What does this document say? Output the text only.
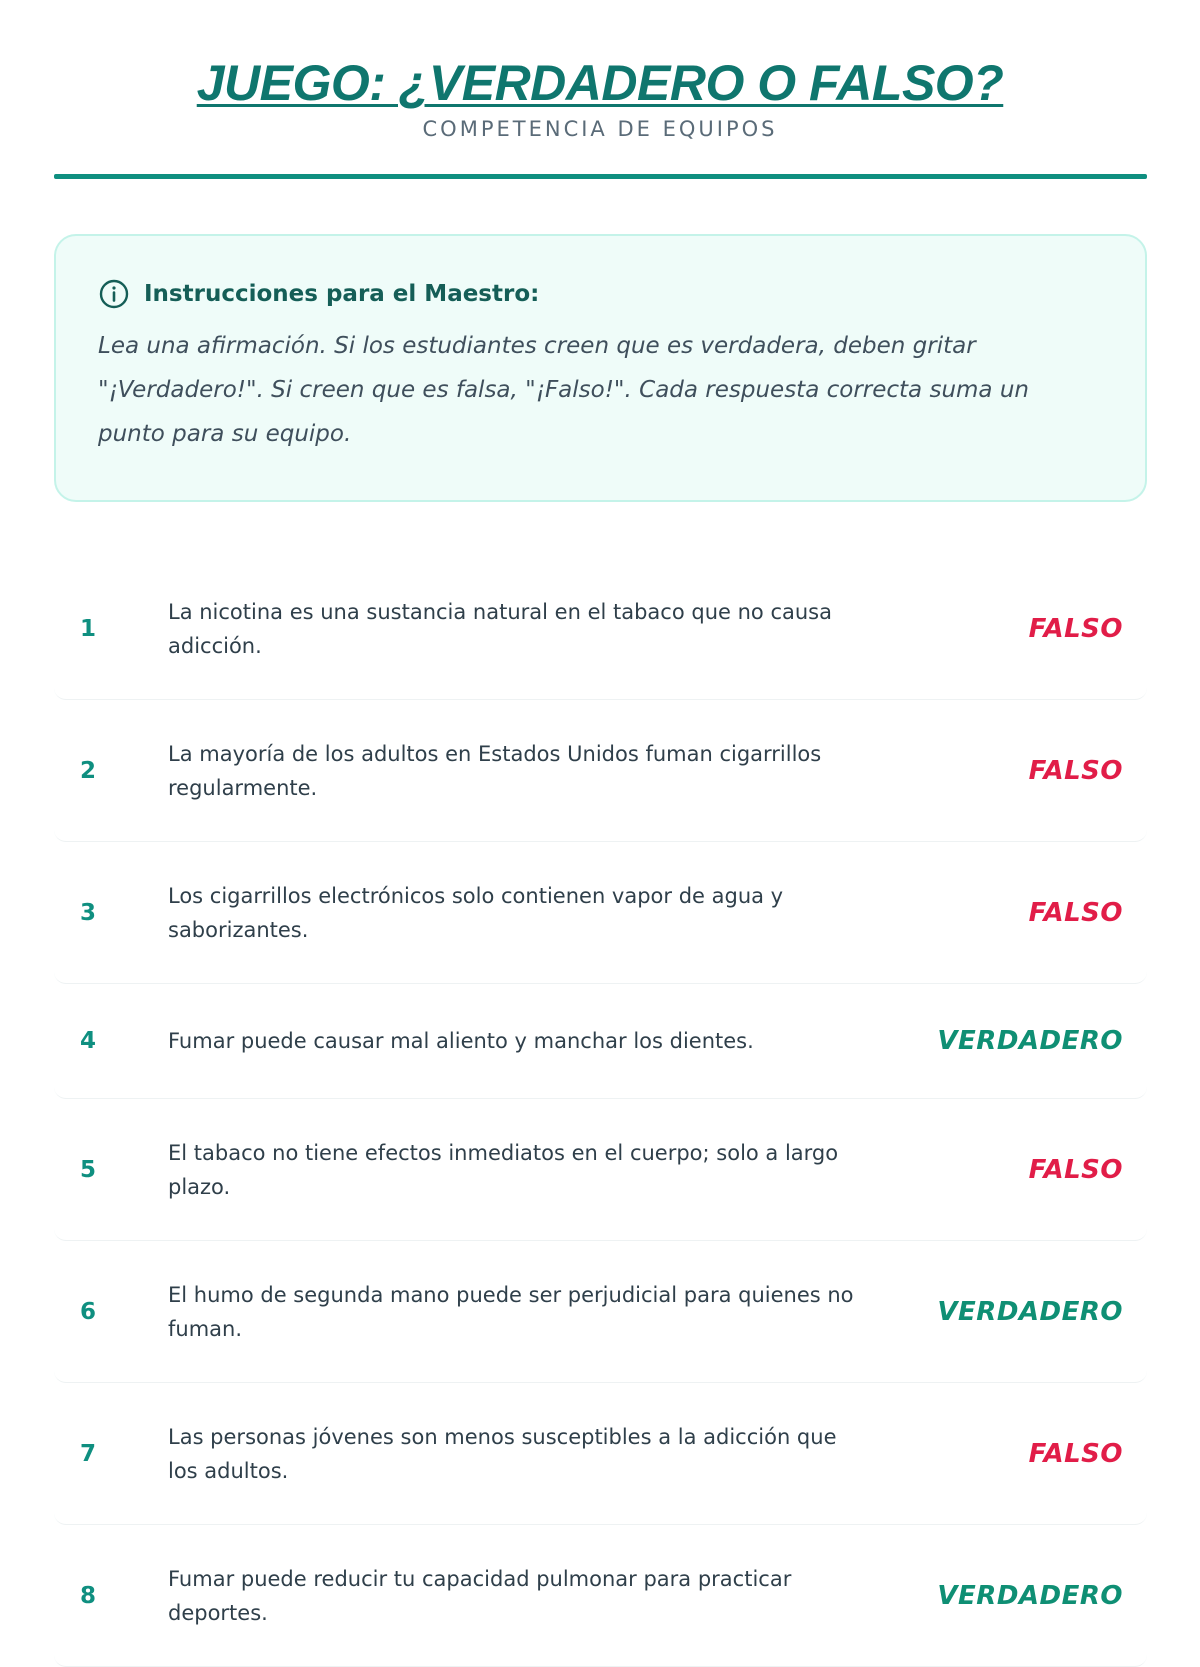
JUEGO: ¿VERDADERO O FALSO?
COMPETENCIA DE EQUIPOS
Instrucciones para el Maestro:
Lea una afirmación. Si los estudiantes creen que es verdadera, deben gritar "¡Verdadero!". Si creen que es falsa, "¡Falso!". Cada respuesta correcta suma un punto para su equipo.
1
La nicotina es una sustancia natural en el tabaco que no causa adicción.
FALSO
2
La mayoría de los adultos en Estados Unidos fuman cigarrillos regularmente.
FALSO
3
Los cigarrillos electrónicos solo contienen vapor de agua y saborizantes.
FALSO
4	Fumar puede causar mal aliento y manchar los dientes.	VERDADERO
5
El tabaco no tiene efectos inmediatos en el cuerpo; solo a largo plazo.
FALSO
6
El humo de segunda mano puede ser perjudicial para quienes no fuman.
VERDADERO
7
Las personas jóvenes son menos susceptibles a la adicción que los adultos.
FALSO
8
Fumar puede reducir tu capacidad pulmonar para practicar deportes.
VERDADERO
